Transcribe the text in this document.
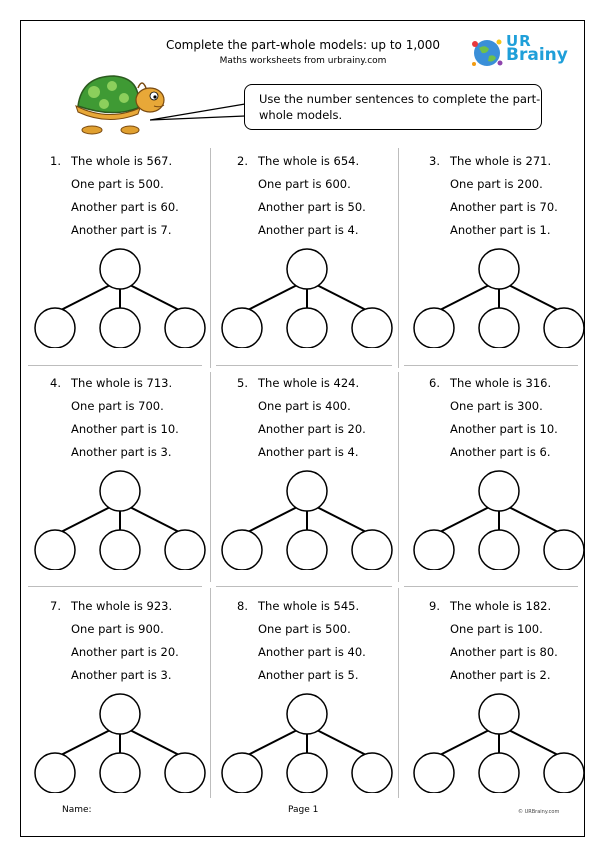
Complete the part-whole models: up to 1,000
Maths worksheets from urbrainy.com
UR
Brainy
Use the number sentences to complete the part-whole models.
1. The whole is 567.
One part is 500.
Another part is 60.
Another part is 7.
2. The whole is 654.
One part is 600.
Another part is 50.
Another part is 4.
3. The whole is 271.
One part is 200.
Another part is 70.
Another part is 1.
4. The whole is 713.
One part is 700.
Another part is 10.
Another part is 3.
5. The whole is 424.
One part is 400.
Another part is 20.
Another part is 4.
6. The whole is 316.
One part is 300.
Another part is 10.
Another part is 6.
7. The whole is 923.
One part is 900.
Another part is 20.
Another part is 3.
8. The whole is 545.
One part is 500.
Another part is 40.
Another part is 5.
9. The whole is 182.
One part is 100.
Another part is 80.
Another part is 2.
Name:	Page 1	© URBrainy.com
